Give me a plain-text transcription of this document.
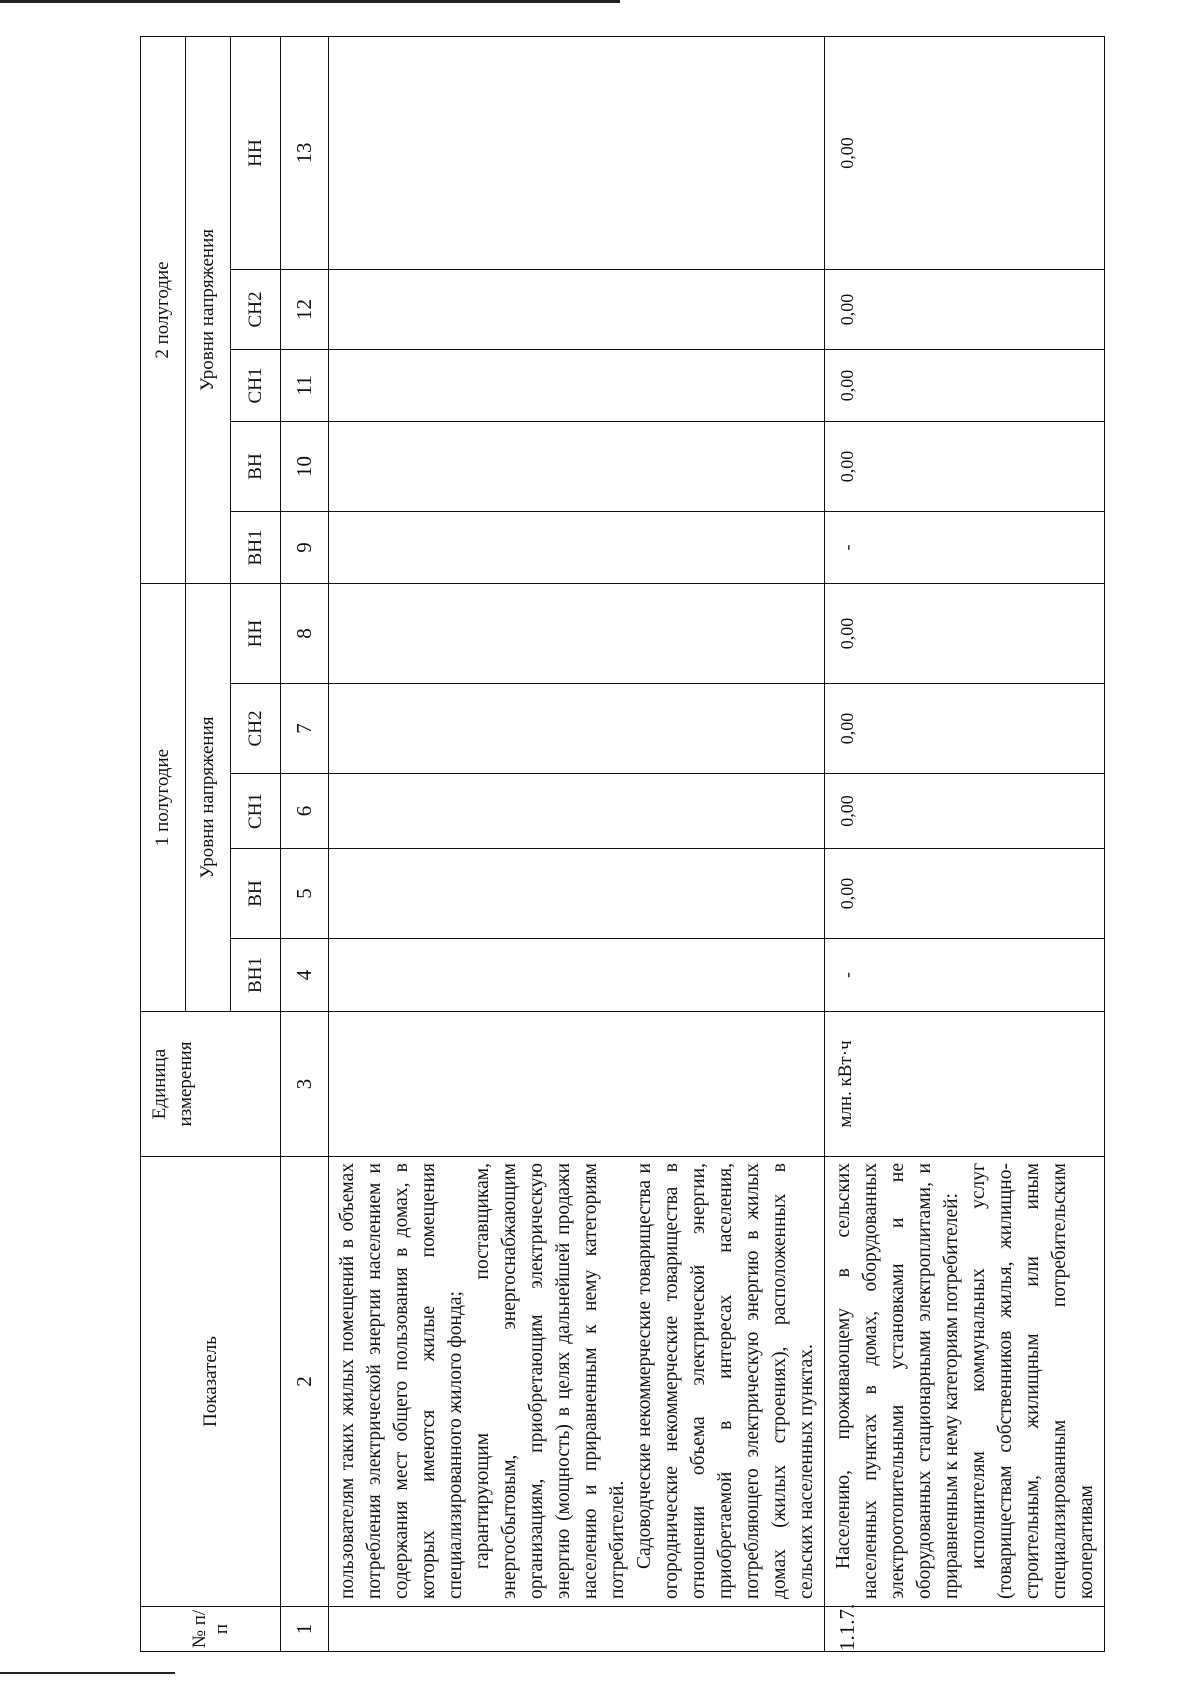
№ п/п	Показатель	Единица измерения	1 полугодие					2 полугодие				
			Уровни напряжения					Уровни напряжения				
			ВН1	ВН	СН1	СН2	НН	ВН1	ВН	СН1	СН2	НН
1	2	3	4	5	6	7	8	9	10	11	12	13

	пользователям таких жилых помещений в объемах потребления электрической энергии населением и содержания мест общего пользования в домах, в которых имеются жилые помещения специализированного жилого фонда; гарантирующим поставщикам, энергосбытовым, энергоснабжающим организациям, приобретающим электрическую энергию (мощность) в целях дальнейшей продажи населению и приравненным к нему категориям потребителей. Садоводческие некоммерческие товарищества и огороднические некоммерческие товарищества в отношении объема электрической энергии, приобретаемой в интересах населения, потребляющего электрическую энергию в жилых домах (жилых строениях), расположенных в сельских населенных пунктах.											

1.1.7.	Населению, проживающему в сельских населенных пунктах в домах, оборудованных электроотопительными установками и не оборудованных стационарными электроплитами, и приравненным к нему категориям потребителей: исполнителям коммунальных услуг (товариществам собственников жилья, жилищно-строительным, жилищным или иным специализированным потребительским кооперативам	млн. кВт·ч	-	0,00	0,00	0,00	0,00	-	0,00	0,00	0,00	0,00
